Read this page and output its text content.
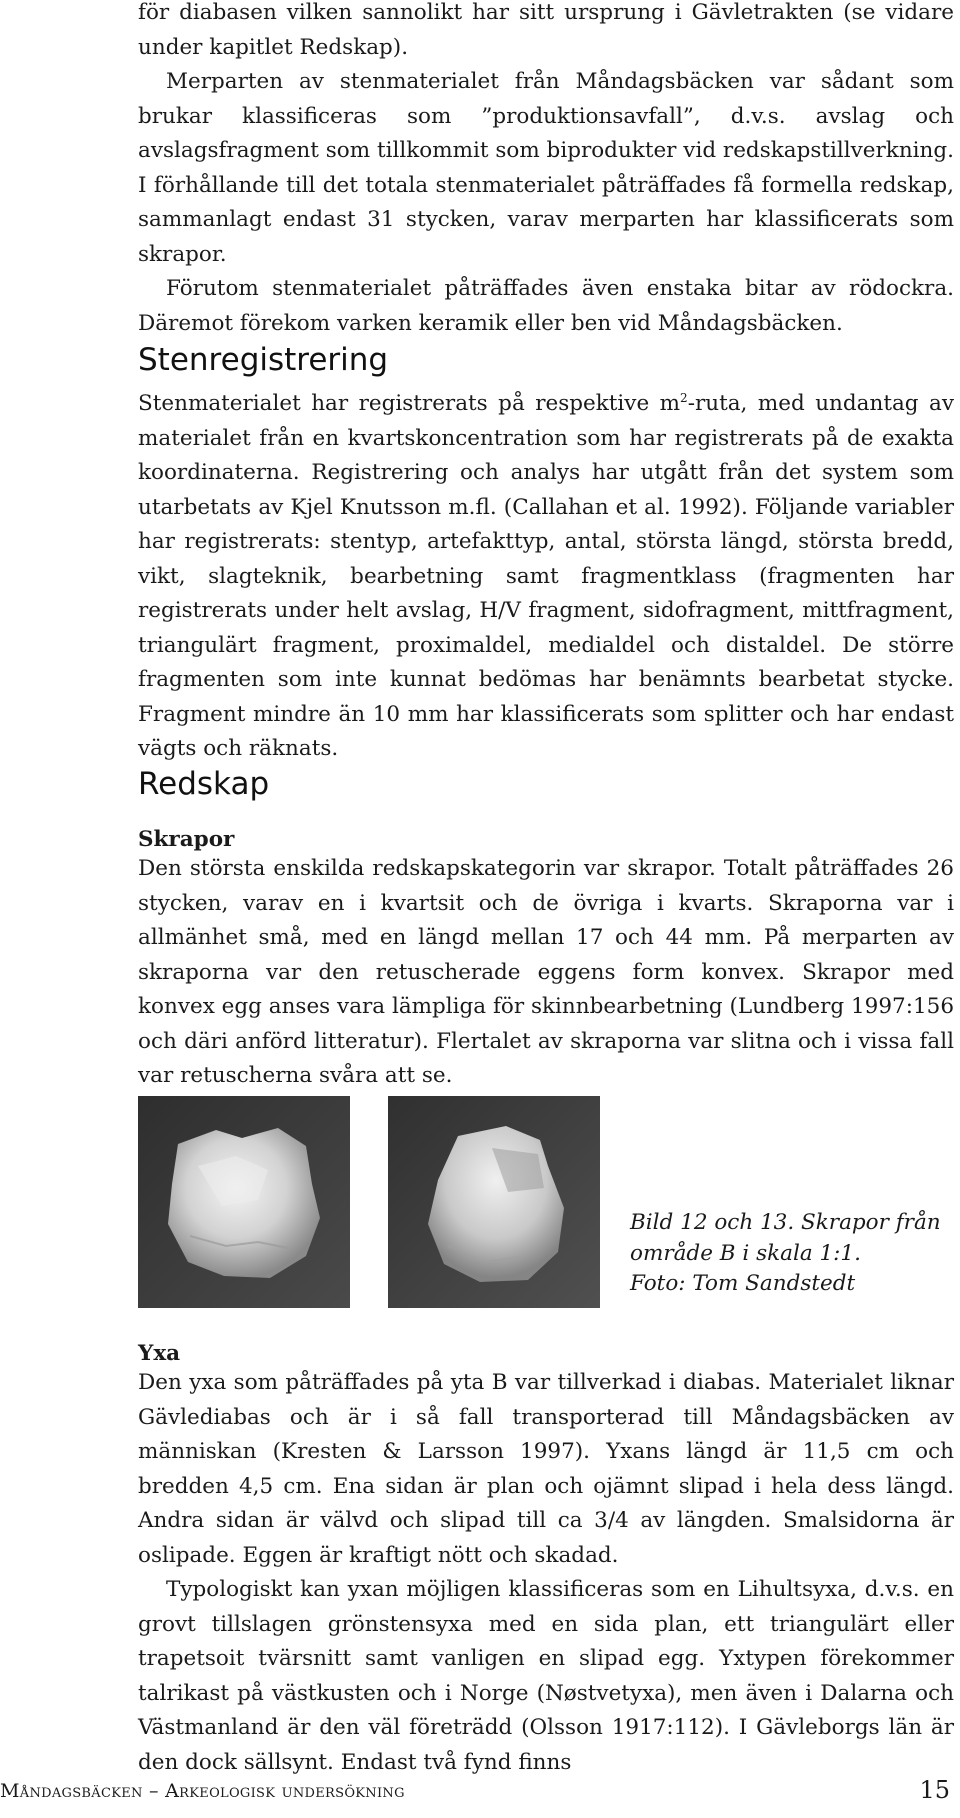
för diabasen vilken sannolikt har sitt ursprung i Gävletrakten (se vidare under kapitlet Redskap).

Merparten av stenmaterialet från Måndagsbäcken var sådant som brukar klassificeras som ”produktionsavfall”, d.v.s. avslag och avslagsfragment som tillkommit som biprodukter vid redskapstillverkning. I förhållande till det totala stenmaterialet påträffades få formella redskap, sammanlagt endast 31 stycken, varav merparten har klassificerats som skrapor.

Förutom stenmaterialet påträffades även enstaka bitar av rödockra. Däremot förekom varken keramik eller ben vid Måndagsbäcken.

Stenregistrering

Stenmaterialet har registrerats på respektive $m^2$-ruta, med undantag av materialet från en kvartskoncentration som har registrerats på de exakta koordinaterna. Registrering och analys har utgått från det system som utarbetats av Kjel Knutsson m.fl. (Callahan et al. 1992). Följande variabler har registrerats: stentyp, artefakttyp, antal, största längd, största bredd, vikt, slagteknik, bearbetning samt fragmentklass (fragmenten har registrerats under helt avslag, H/V fragment, sidofragment, mittfragment, triangulärt fragment, proximaldel, medialdel och distaldel. De större fragmenten som inte kunnat bedömas har benämnts bearbetat stycke. Fragment mindre än 10 mm har klassificerats som splitter och har endast vägts och räknats.

Redskap
Skrapor

Den största enskilda redskapskategorin var skrapor. Totalt påträffades 26 stycken, varav en i kvartsit och de övriga i kvarts. Skraporna var i allmänhet små, med en längd mellan 17 och 44 mm. På merparten av skraporna var den retuscherade eggens form konvex. Skrapor med konvex egg anses vara lämpliga för skinnbearbetning (Lundberg 1997:156 och däri anförd litteratur). Flertalet av skraporna var slitna och i vissa fall var retuscherna svåra att se.

Bild 12 och 13. Skrapor från
område B i skala 1:1.
Foto: Tom Sandstedt
Yxa

Den yxa som påträffades på yta B var tillverkad i diabas. Materialet liknar Gävlediabas och är i så fall transporterad till Måndagsbäcken av människan (Kresten & Larsson 1997). Yxans längd är 11,5 cm och bredden 4,5 cm. Ena sidan är plan och ojämnt slipad i hela dess längd. Andra sidan är välvd och slipad till ca 3/4 av längden. Smalsidorna är oslipade. Eggen är kraftigt nött och skadad.

Typologiskt kan yxan möjligen klassificeras som en Lihultsyxa, d.v.s. en grovt tillslagen grönstensyxa med en sida plan, ett triangulärt eller trapetsoit tvärsnitt samt vanligen en slipad egg. Yxtypen förekommer talrikast på västkusten och i Norge (Nøstvetyxa), men även i Dalarna och Västmanland är den väl företrädd (Olsson 1917:112). I Gävleborgs län är den dock sällsynt. Endast två fynd finns

Måndagsbäcken – Arkeologisk undersökning	15
